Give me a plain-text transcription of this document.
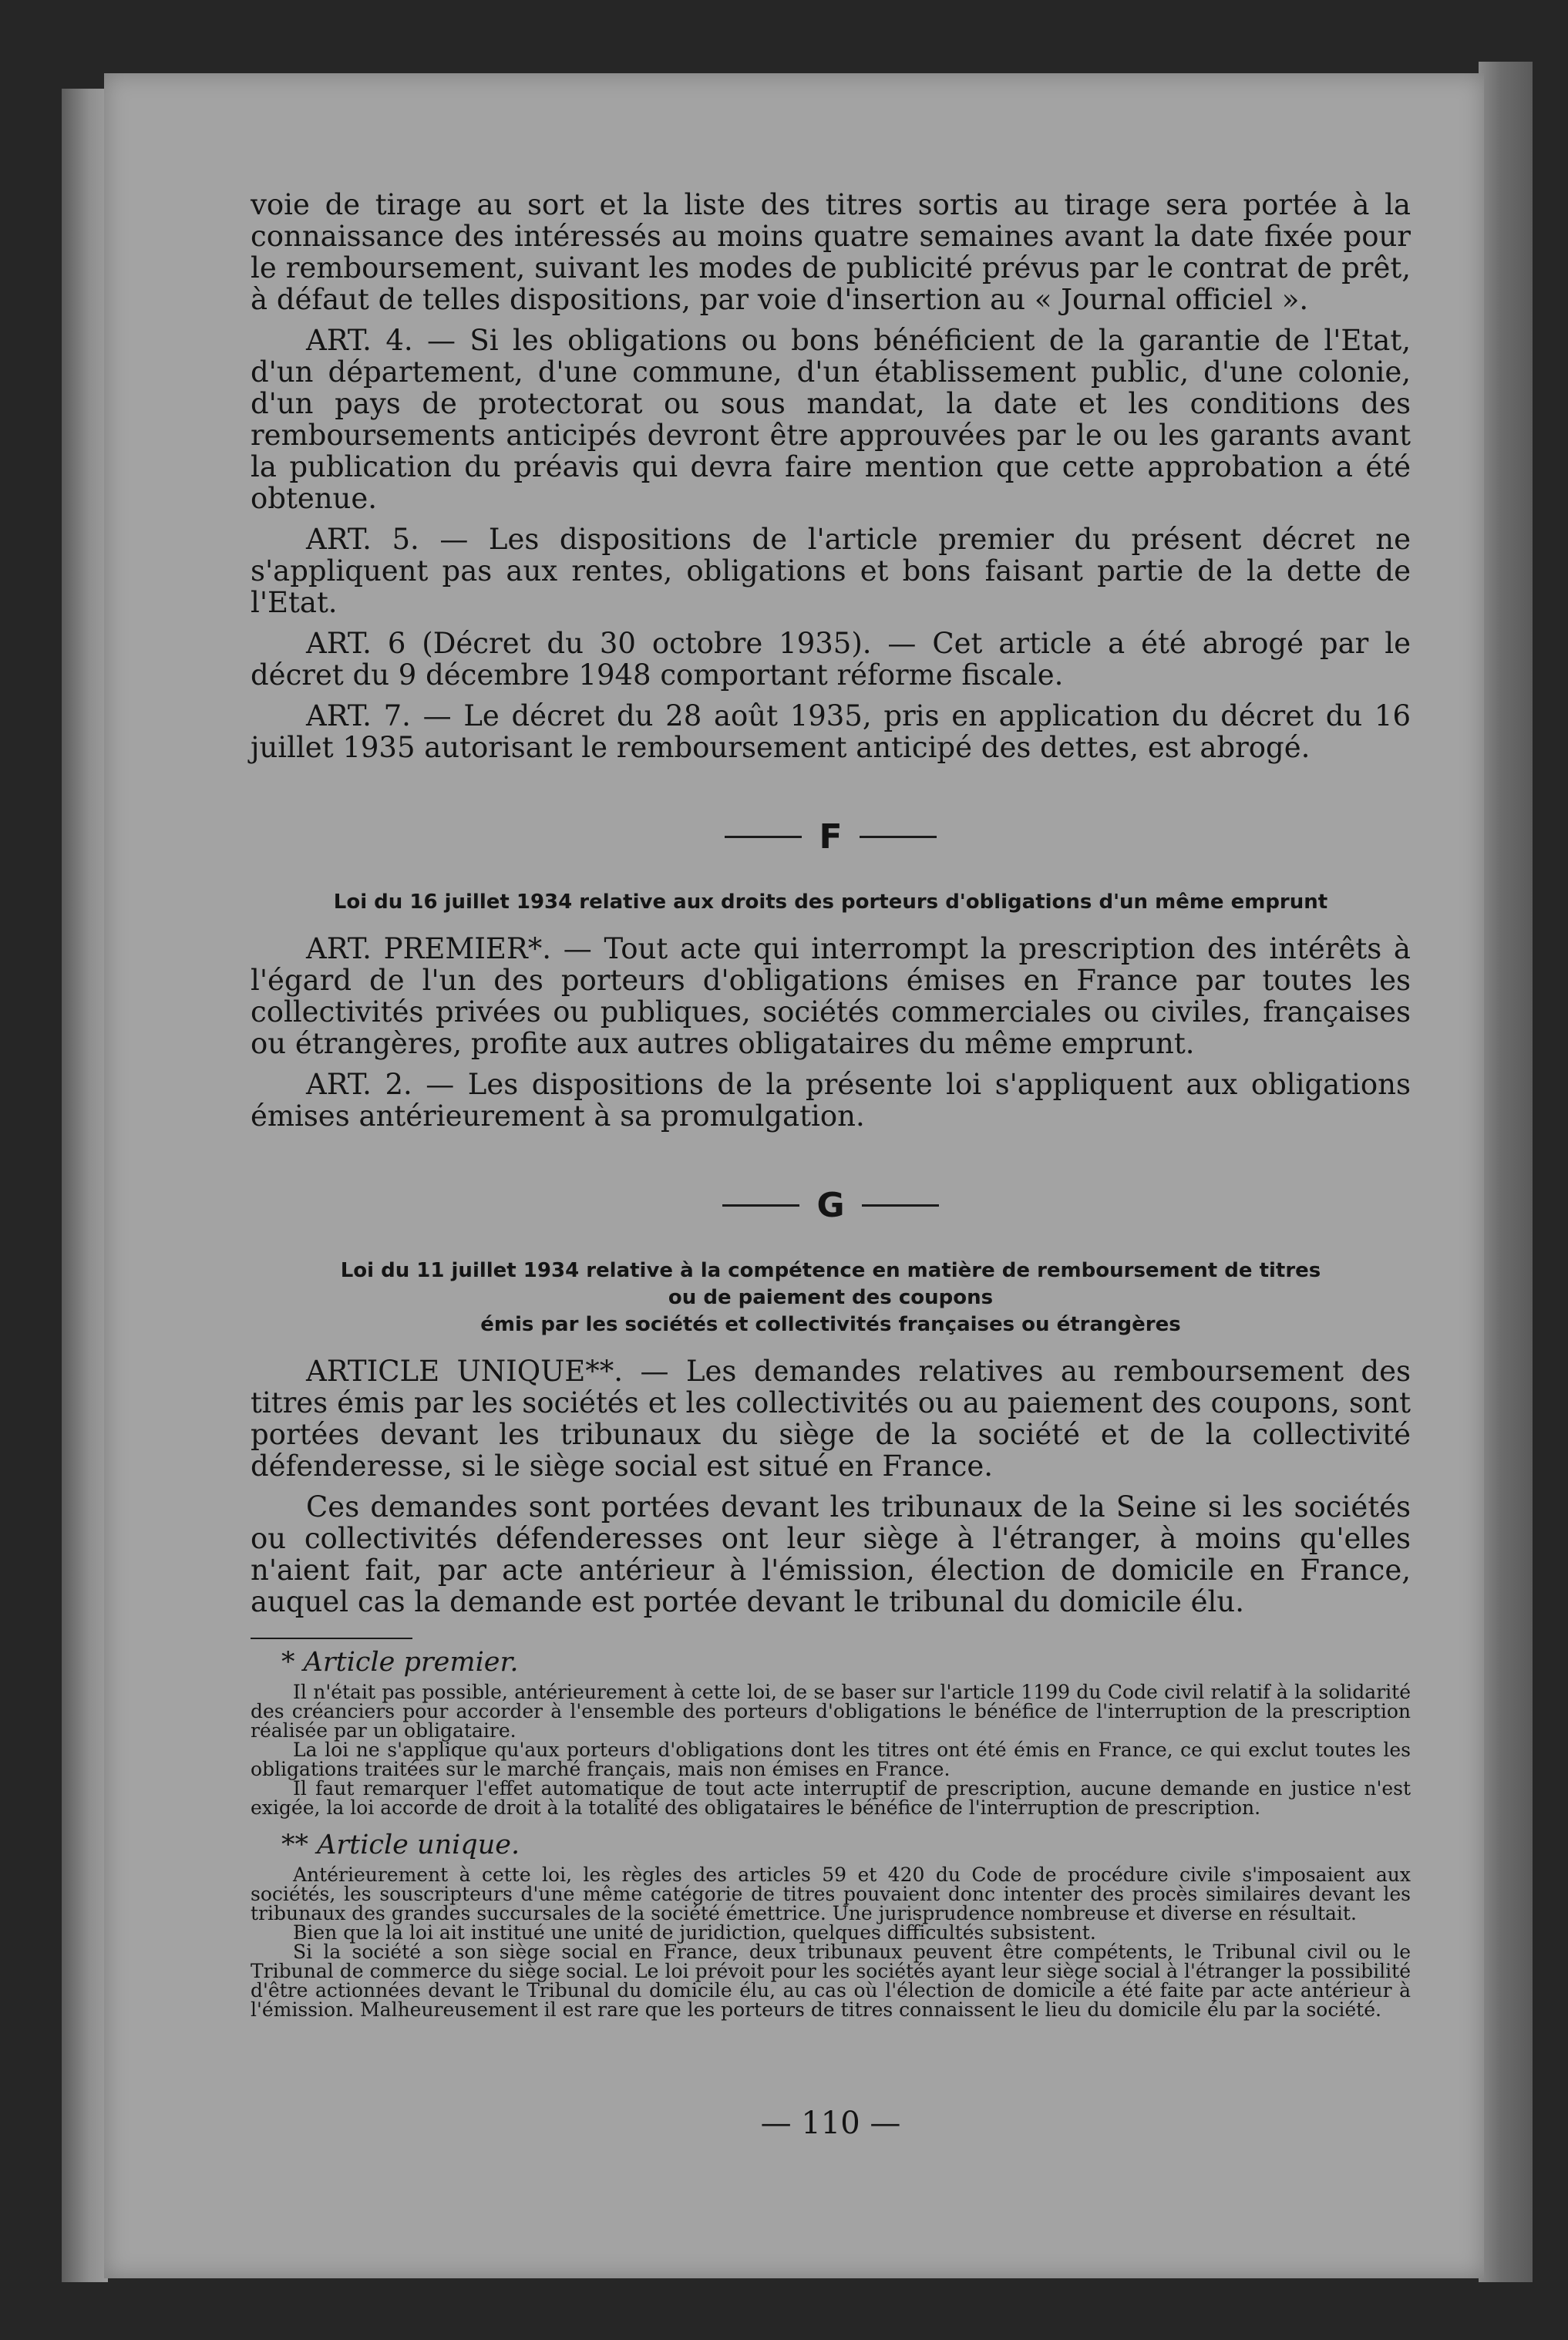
voie de tirage au sort et la liste des titres sortis au tirage sera portée à la connaissance des intéressés au moins quatre semaines avant la date fixée pour le remboursement, suivant les modes de publicité prévus par le contrat de prêt, à défaut de telles dispositions, par voie d'insertion au « Journal officiel ».

ART. 4. — Si les obligations ou bons bénéficient de la garantie de l'Etat, d'un département, d'une commune, d'un établissement public, d'une colonie, d'un pays de protectorat ou sous mandat, la date et les conditions des remboursements anticipés devront être approuvées par le ou les garants avant la publication du préavis qui devra faire mention que cette approbation a été obtenue.

ART. 5. — Les dispositions de l'article premier du présent décret ne s'appliquent pas aux rentes, obligations et bons faisant partie de la dette de l'Etat.

ART. 6 (Décret du 30 octobre 1935). — Cet article a été abrogé par le décret du 9 décembre 1948 comportant réforme fiscale.

ART. 7. — Le décret du 28 août 1935, pris en application du décret du 16 juillet 1935 autorisant le remboursement anticipé des dettes, est abrogé.

F
Loi du 16 juillet 1934 relative aux droits des porteurs d'obligations d'un même emprunt

ART. PREMIER*. — Tout acte qui interrompt la prescription des intérêts à l'égard de l'un des porteurs d'obligations émises en France par toutes les collectivités privées ou publiques, sociétés commerciales ou civiles, françaises ou étrangères, profite aux autres obligataires du même emprunt.

ART. 2. — Les dispositions de la présente loi s'appliquent aux obligations émises antérieurement à sa promulgation.

G
Loi du 11 juillet 1934 relative à la compétence en matière de remboursement de titres
ou de paiement des coupons
émis par les sociétés et collectivités françaises ou étrangères

ARTICLE UNIQUE**. — Les demandes relatives au remboursement des titres émis par les sociétés et les collectivités ou au paiement des coupons, sont portées devant les tribunaux du siège de la société et de la collectivité défenderesse, si le siège social est situé en France.

Ces demandes sont portées devant les tribunaux de la Seine si les sociétés ou collectivités défenderesses ont leur siège à l'étranger, à moins qu'elles n'aient fait, par acte antérieur à l'émission, élection de domicile en France, auquel cas la demande est portée devant le tribunal du domicile élu.

* Article premier.

Il n'était pas possible, antérieurement à cette loi, de se baser sur l'article 1199 du Code civil relatif à la solidarité des créanciers pour accorder à l'ensemble des porteurs d'obligations le bénéfice de l'interruption de la prescription réalisée par un obligataire.

La loi ne s'applique qu'aux porteurs d'obligations dont les titres ont été émis en France, ce qui exclut toutes les obligations traitées sur le marché français, mais non émises en France.

Il faut remarquer l'effet automatique de tout acte interruptif de prescription, aucune demande en justice n'est exigée, la loi accorde de droit à la totalité des obligataires le bénéfice de l'interruption de prescription.

** Article unique.

Antérieurement à cette loi, les règles des articles 59 et 420 du Code de procédure civile s'imposaient aux sociétés, les souscripteurs d'une même catégorie de titres pouvaient donc intenter des procès similaires devant les tribunaux des grandes succursales de la société émettrice. Une jurisprudence nombreuse et diverse en résultait.

Bien que la loi ait institué une unité de juridiction, quelques difficultés subsistent.

Si la société a son siège social en France, deux tribunaux peuvent être compétents, le Tribunal civil ou le Tribunal de commerce du siège social. Le loi prévoit pour les sociétés ayant leur siège social à l'étranger la possibilité d'être actionnées devant le Tribunal du domicile élu, au cas où l'élection de domicile a été faite par acte antérieur à l'émission. Malheureusement il est rare que les porteurs de titres connaissent le lieu du domicile élu par la société.

— 110 —
